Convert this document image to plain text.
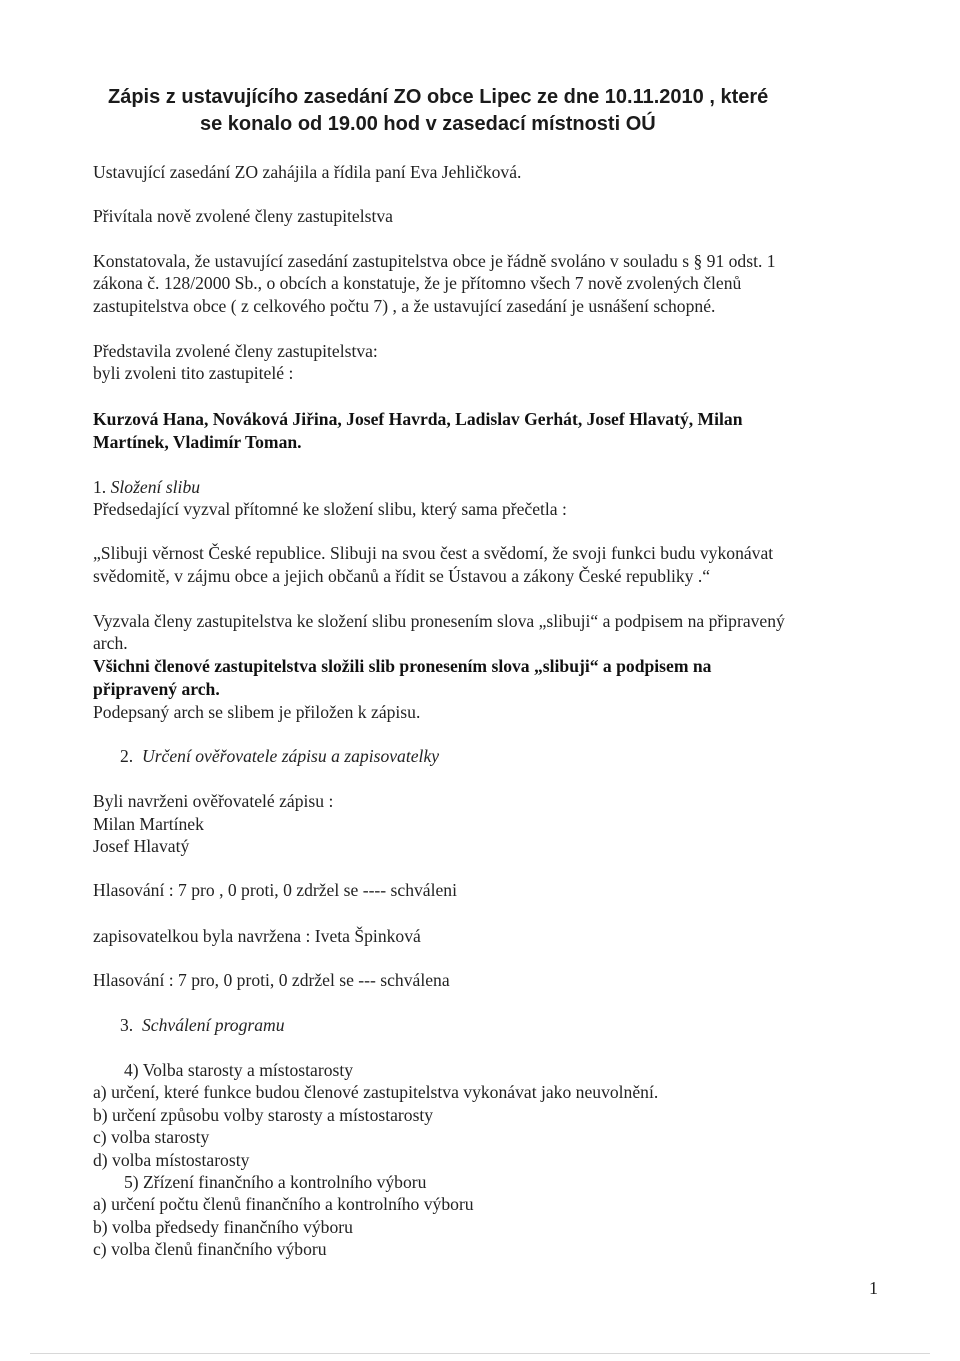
Zápis z ustavujícího zasedání ZO obce Lipec ze dne 10.11.2010 , které
se konalo od 19.00 hod v zasedací místnosti OÚ
Ustavující zasedání ZO zahájila a řídila paní Eva Jehličková.
Přivítala nově zvolené členy zastupitelstva
Konstatovala, že ustavující zasedání zastupitelstva obce je řádně svoláno v souladu s § 91 odst. 1
zákona č. 128/2000 Sb., o obcích a konstatuje, že je přítomno všech 7 nově zvolených členů
zastupitelstva obce ( z celkového počtu 7) , a že ustavující zasedání je usnášení schopné.
Představila zvolené členy zastupitelstva:
byli zvoleni tito zastupitelé :
Kurzová Hana, Nováková Jiřina, Josef Havrda, Ladislav Gerhát, Josef Hlavatý, Milan
Martínek, Vladimír Toman.
1. Složení slibu
Předsedající vyzval přítomné ke složení slibu, který sama přečetla :
„Slibuji věrnost České republice. Slibuji na svou čest a svědomí, že svoji funkci budu vykonávat
svědomitě, v zájmu obce a jejich občanů a řídit se Ústavou a zákony České republiky .“
Vyzvala členy zastupitelstva ke složení slibu pronesením slova „slibuji“ a podpisem na připravený
arch.
Všichni členové zastupitelstva složili slib pronesením slova „slibuji“ a podpisem na
připravený arch.
Podepsaný arch se slibem je přiložen k zápisu.
2. Určení ověřovatele zápisu a zapisovatelky
Byli navrženi ověřovatelé zápisu :
Milan Martínek
Josef Hlavatý
Hlasování : 7 pro , 0 proti, 0 zdržel se ---- schváleni
zapisovatelkou byla navržena : Iveta Špinková
Hlasování : 7 pro, 0 proti, 0 zdržel se --- schválena
3. Schválení programu
4) Volba starosty a místostarosty
a) určení, které funkce budou členové zastupitelstva vykonávat jako neuvolnění.
b) určení způsobu volby starosty a místostarosty
c) volba starosty
d) volba místostarosty
5) Zřízení finančního a kontrolního výboru
a) určení počtu členů finančního a kontrolního výboru
b) volba předsedy finančního výboru
c) volba členů finančního výboru
1
